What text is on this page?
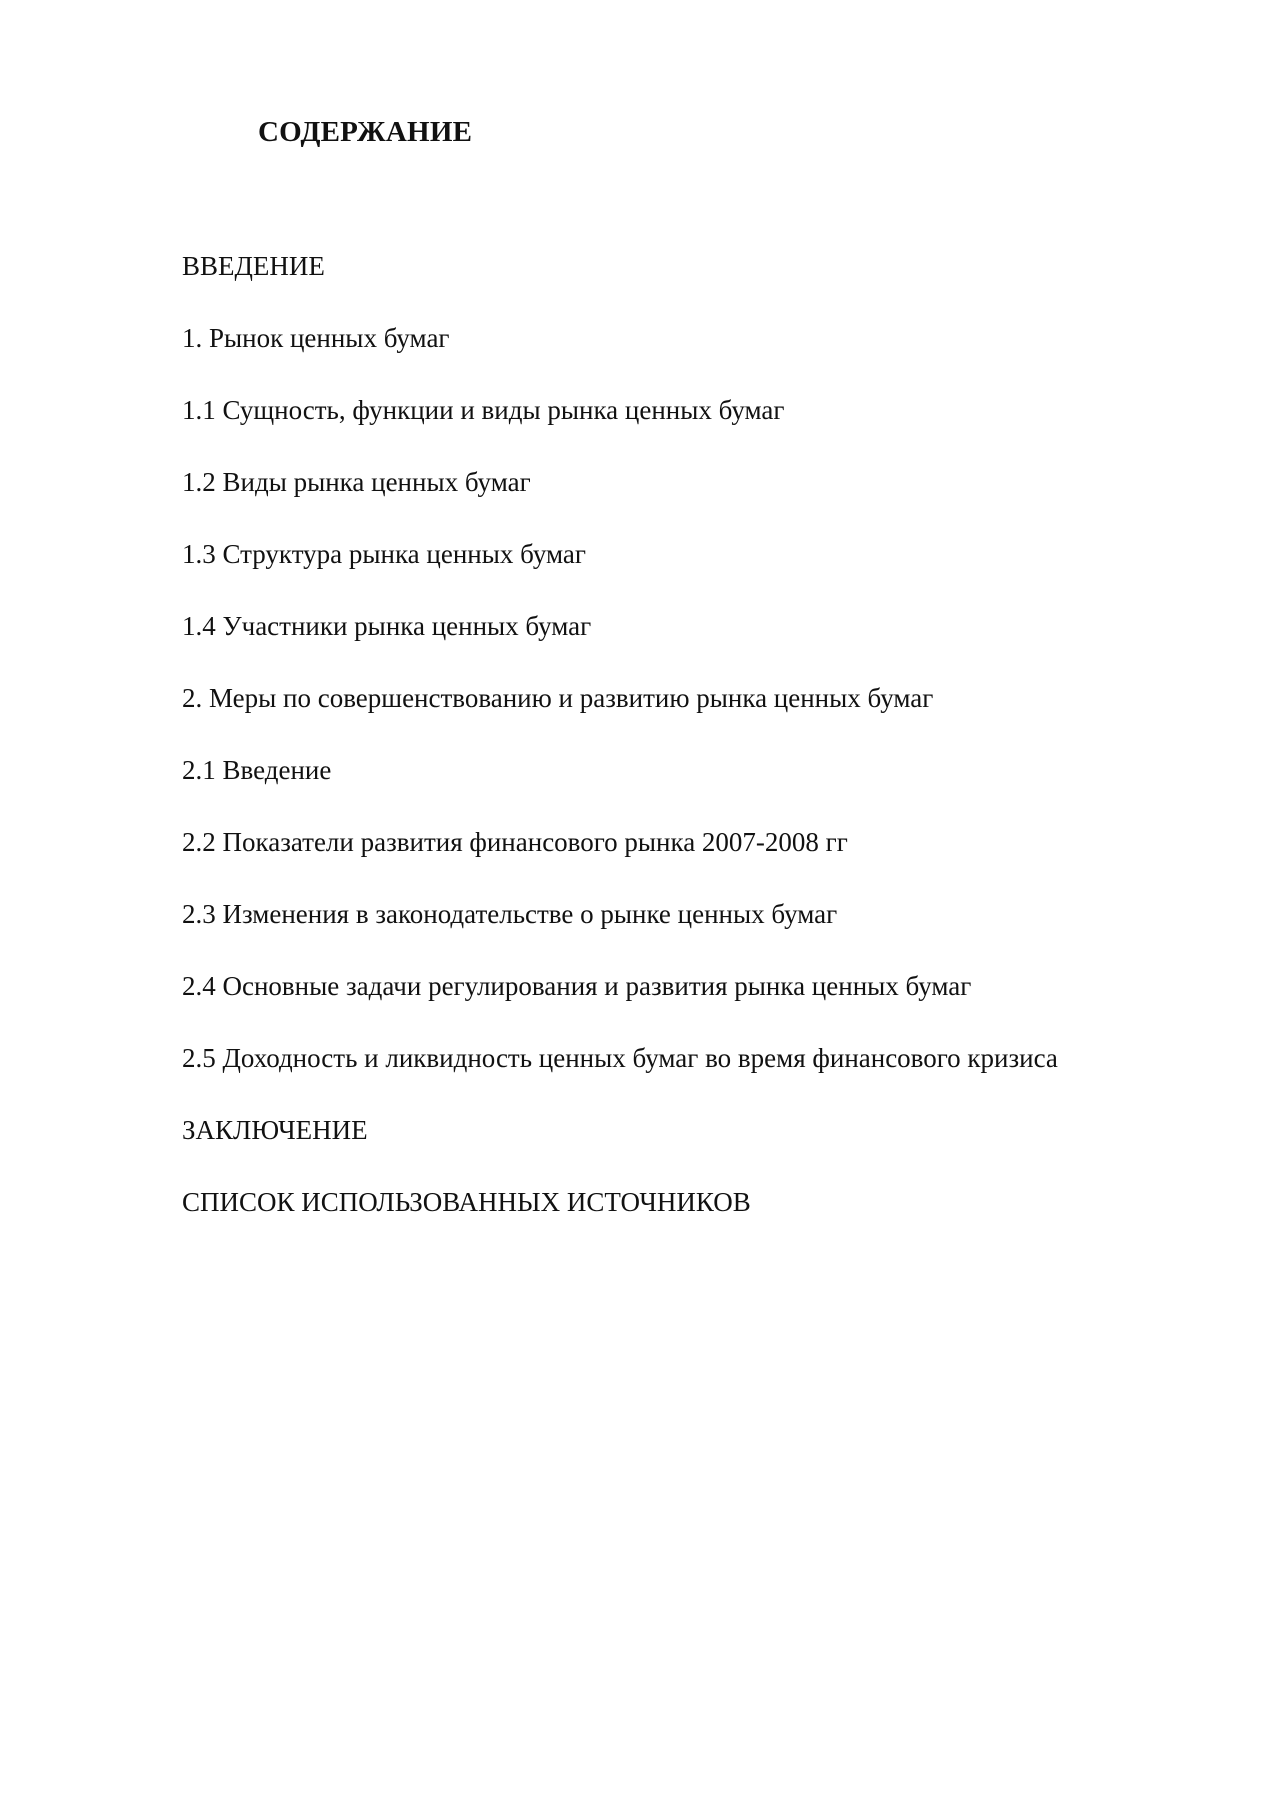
СОДЕРЖАНИЕ
ВВЕДЕНИЕ
1. Рынок ценных бумаг
1.1 Сущность, функции и виды рынка ценных бумаг
1.2 Виды рынка ценных бумаг
1.3 Структура рынка ценных бумаг
1.4 Участники рынка ценных бумаг
2. Меры по совершенствованию и развитию рынка ценных бумаг
2.1 Введение
2.2 Показатели развития финансового рынка 2007-2008 гг
2.3 Изменения в законодательстве о рынке ценных бумаг
2.4 Основные задачи регулирования и развития рынка ценных бумаг
2.5 Доходность и ликвидность ценных бумаг во время финансового кризиса
ЗАКЛЮЧЕНИЕ
СПИСОК ИСПОЛЬЗОВАННЫХ ИСТОЧНИКОВ
